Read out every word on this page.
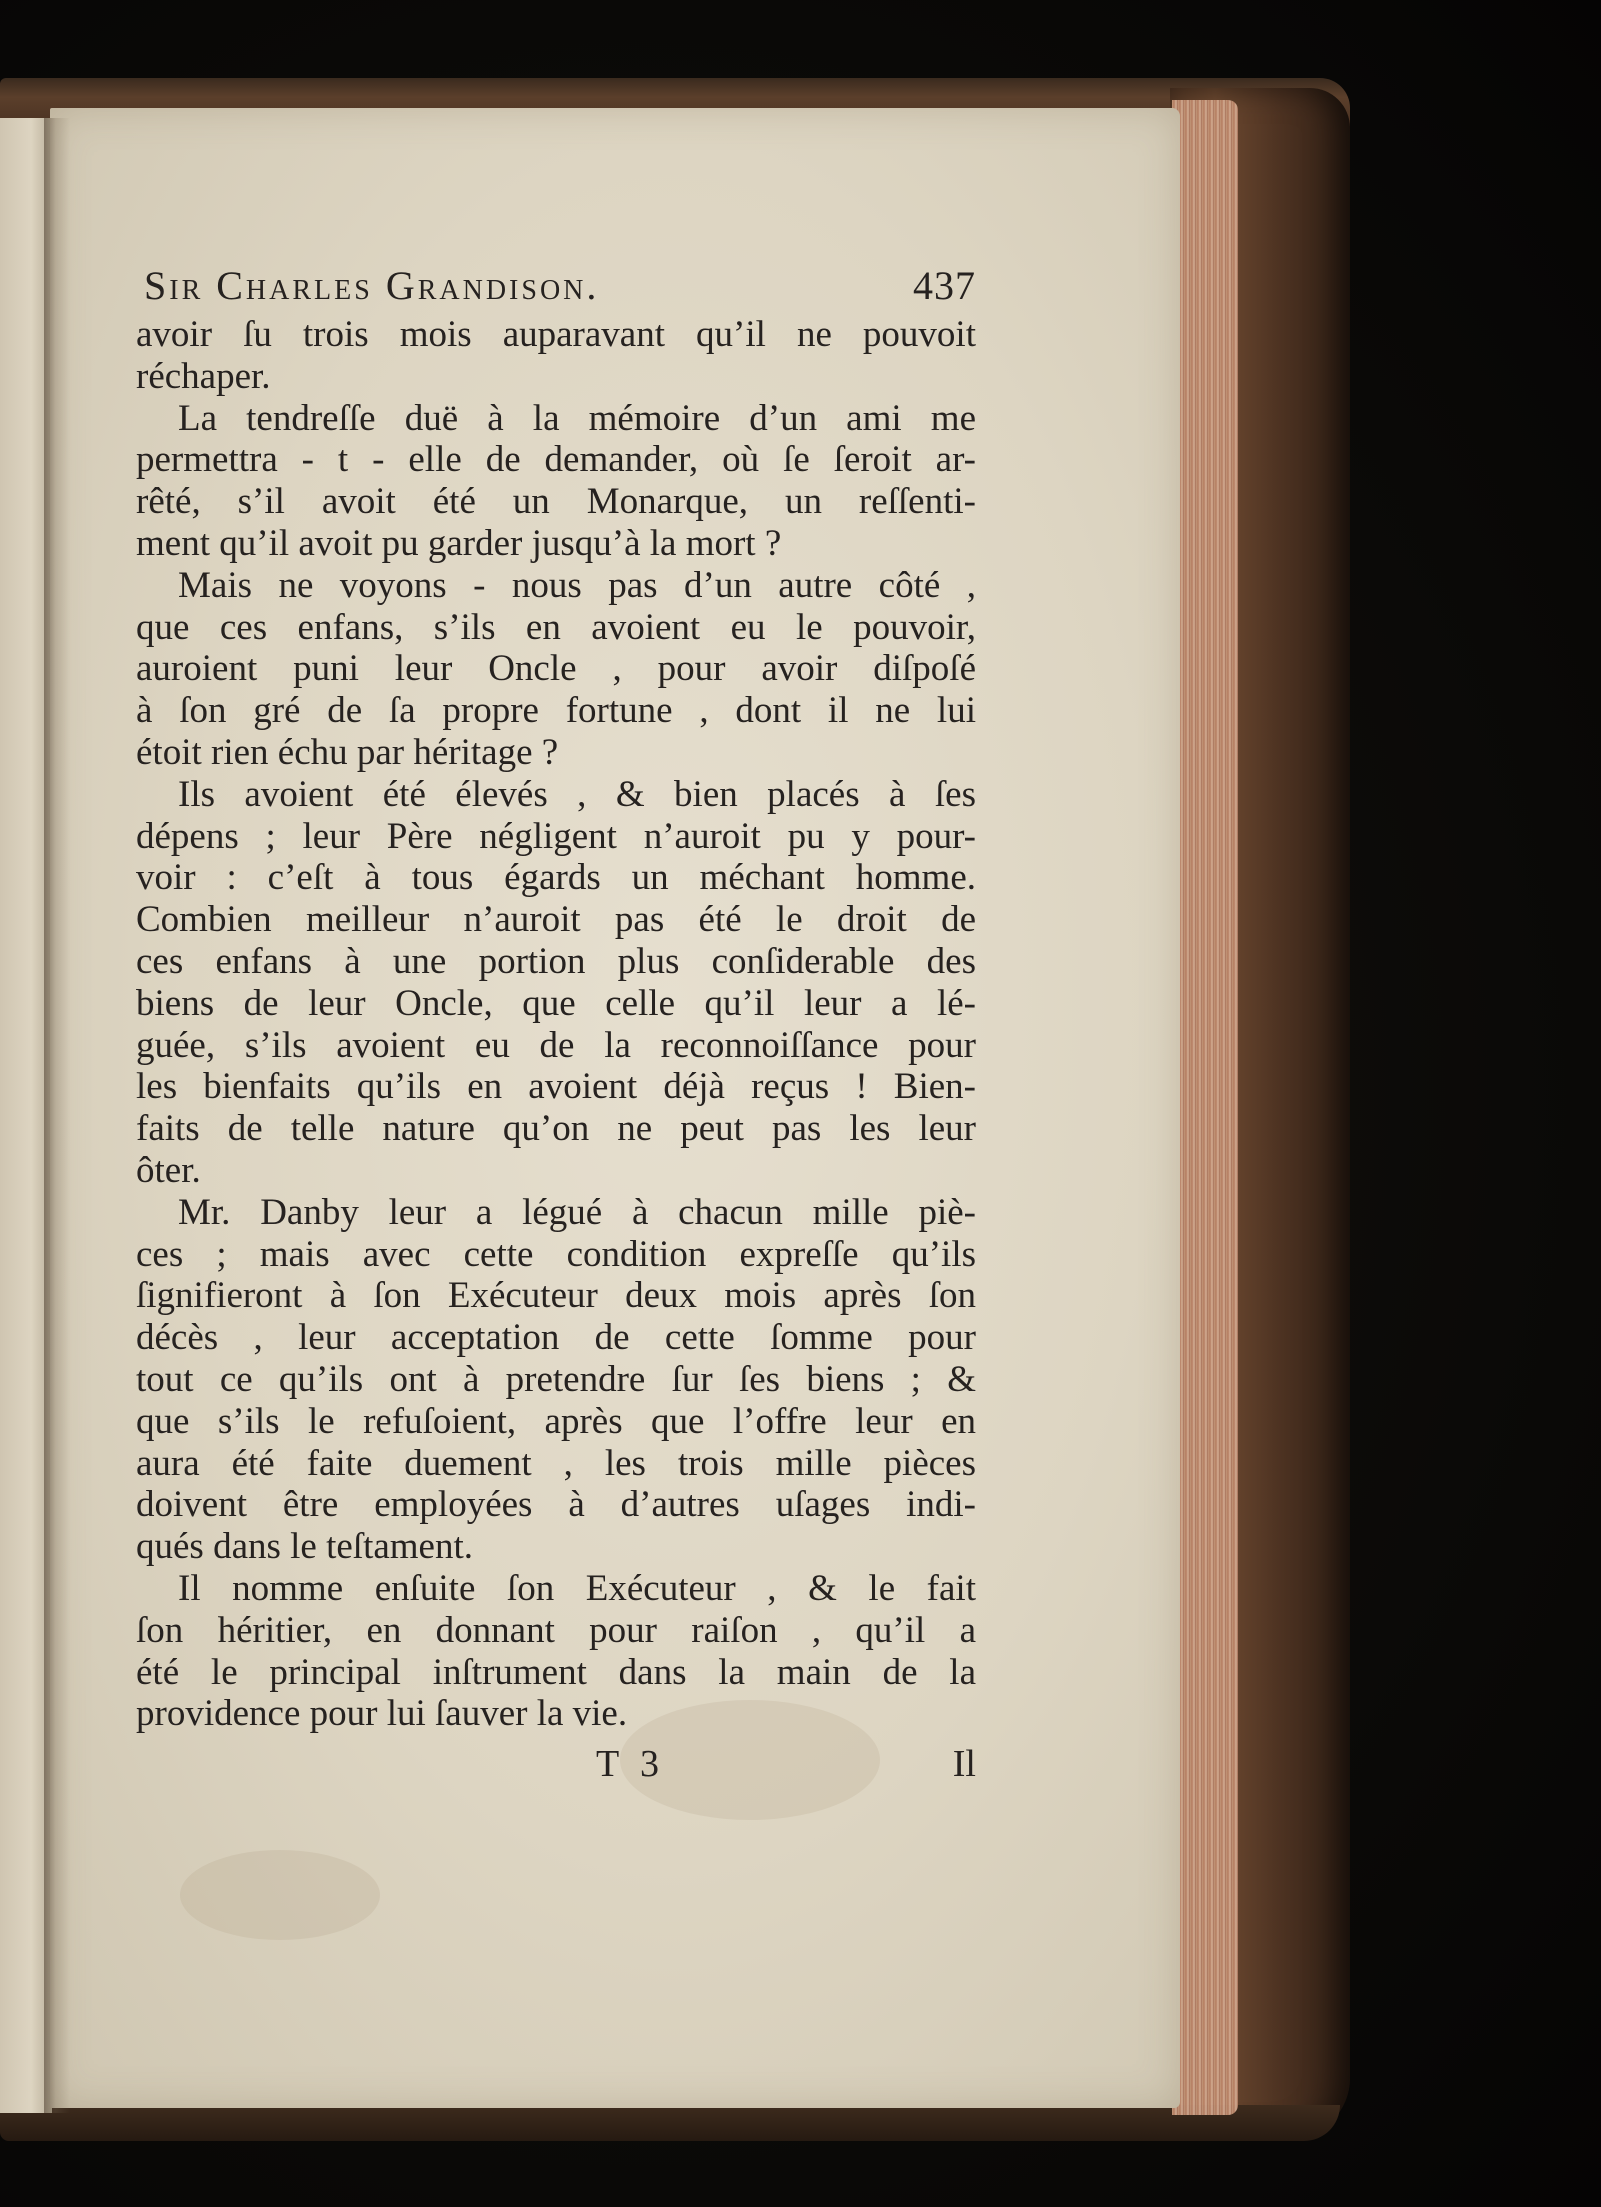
Sir Charles Grandison.	437
avoir ſu trois mois auparavant qu’il ne pouvoit
réchaper.
La tendreſſe duë à la mémoire d’un ami me
permettra - t - elle de demander, où ſe ſeroit ar-
rêté, s’il avoit été un Monarque, un reſſenti-
ment qu’il avoit pu garder jusqu’à la mort ?
Mais ne voyons - nous pas d’un autre côté ,
que ces enfans, s’ils en avoient eu le pouvoir,
auroient puni leur Oncle , pour avoir diſpoſé
à ſon gré de ſa propre fortune , dont il ne lui
étoit rien échu par héritage ?
Ils avoient été élevés , & bien placés à ſes
dépens ; leur Père négligent n’auroit pu y pour-
voir : c’eſt à tous égards un méchant homme.
Combien meilleur n’auroit pas été le droit de
ces enfans à une portion plus conſiderable des
biens de leur Oncle, que celle qu’il leur a lé-
guée, s’ils avoient eu de la reconnoiſſance pour
les bienfaits qu’ils en avoient déjà reçus ! Bien-
faits de telle nature qu’on ne peut pas les leur
ôter.
Mr. Danby leur a légué à chacun mille piè-
ces ; mais avec cette condition expreſſe qu’ils
ſignifieront à ſon Exécuteur deux mois après ſon
décès , leur acceptation de cette ſomme pour
tout ce qu’ils ont à pretendre ſur ſes biens ; &
que s’ils le refuſoient, après que l’offre leur en
aura été faite duement , les trois mille pièces
doivent être employées à d’autres uſages indi-
qués dans le teſtament.
Il nomme enſuite ſon Exécuteur , & le fait
ſon héritier, en donnant pour raiſon , qu’il a
été le principal inſtrument dans la main de la
providence pour lui ſauver la vie.
T 3	Il
